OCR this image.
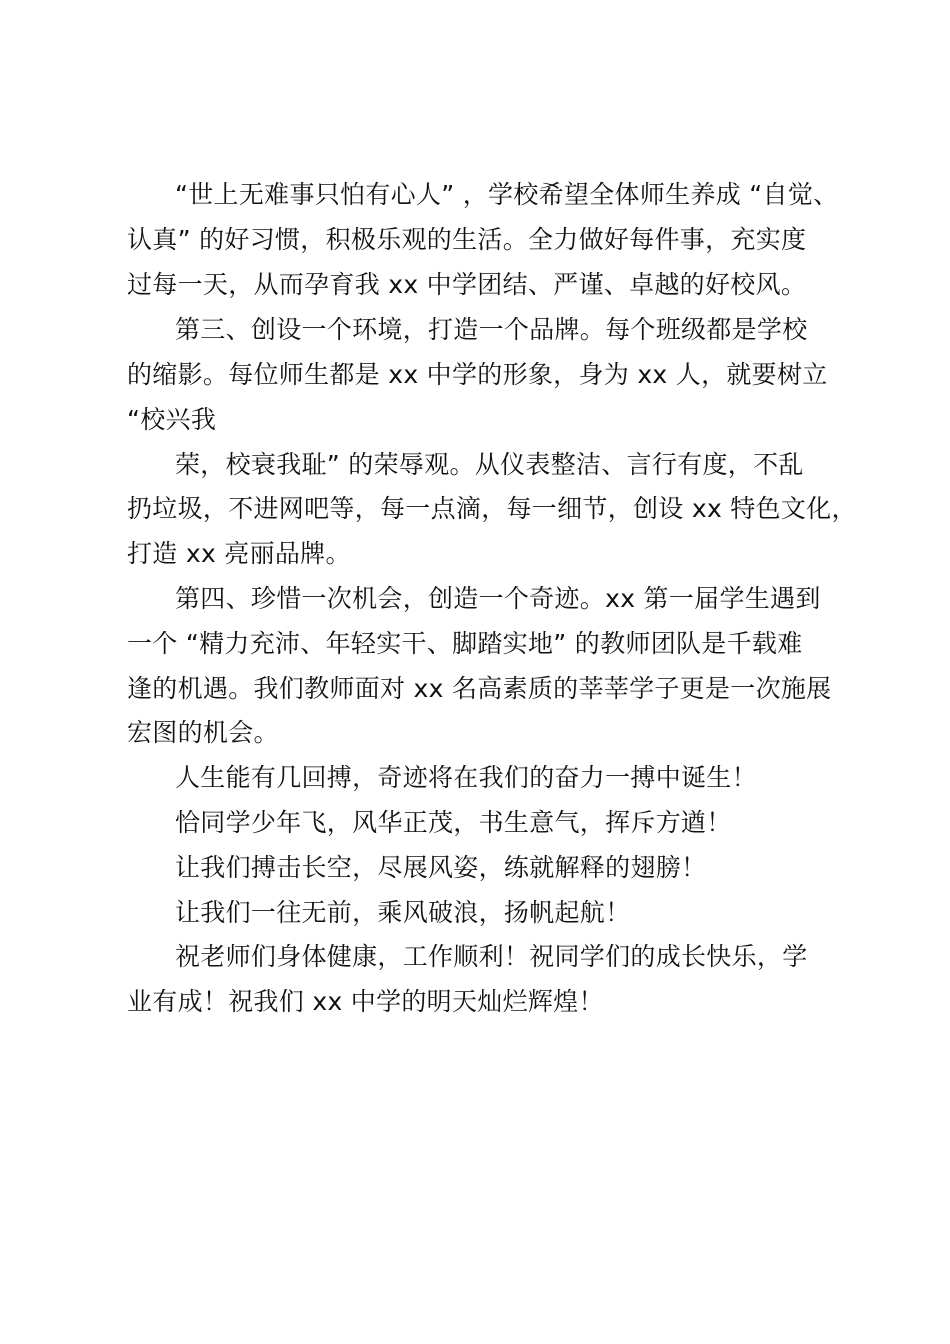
“世上无难事只怕有心人” ，学校希望全体师生养成 “自觉、
认真” 的好习惯，积极乐观的生活。全力做好每件事，充实度
过每一天，从而孕育我 xx 中学团结、严谨、卓越的好校风。
第三、创设一个环境，打造一个品牌。每个班级都是学校
的缩影。每位师生都是 xx 中学的形象，身为 xx 人，就要树立
“校兴我
荣，校衰我耻” 的荣辱观。从仪表整洁、言行有度，不乱
扔垃圾，不进网吧等，每一点滴，每一细节，创设 xx 特色文化，
打造 xx 亮丽品牌。
第四、珍惜一次机会，创造一个奇迹。xx 第一届学生遇到
一个 “精力充沛、年轻实干、脚踏实地” 的教师团队是千载难
逢的机遇。我们教师面对 xx 名高素质的莘莘学子更是一次施展
宏图的机会。
人生能有几回搏，奇迹将在我们的奋力一搏中诞生！
恰同学少年飞，风华正茂，书生意气，挥斥方遒！
让我们搏击长空，尽展风姿，练就解释的翅膀！
让我们一往无前，乘风破浪，扬帆起航！
祝老师们身体健康，工作顺利！祝同学们的成长快乐，学
业有成！祝我们 xx 中学的明天灿烂辉煌！
